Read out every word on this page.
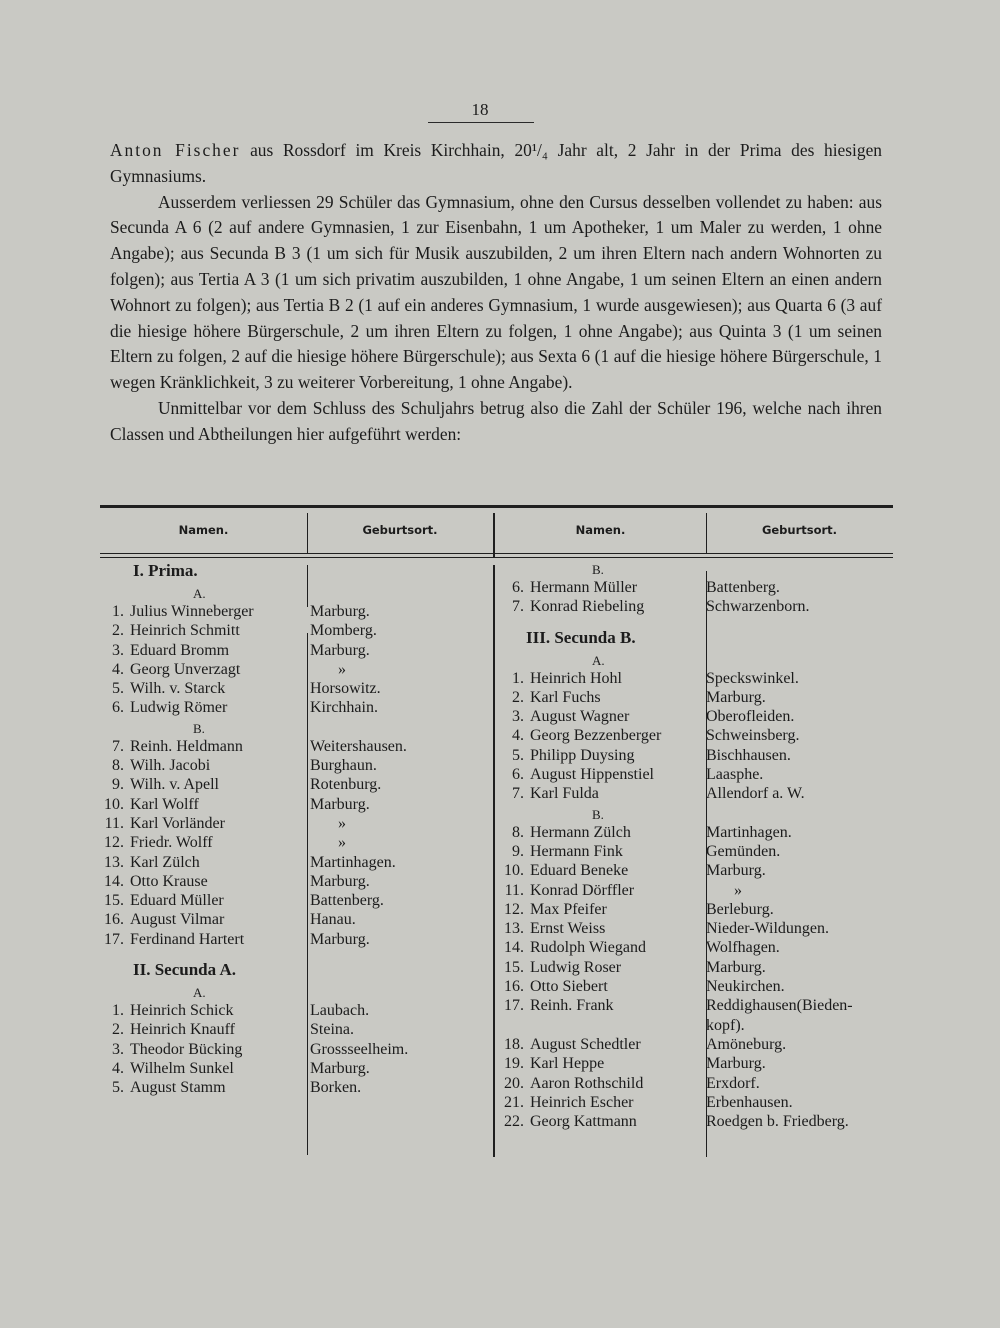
18

Anton Fischer aus Rossdorf im Kreis Kirchhain, 20¹/₄ Jahr alt, 2 Jahr in der Prima des hiesigen Gymnasiums.

Ausserdem verliessen 29 Schüler das Gymnasium, ohne den Cursus desselben vollendet zu haben: aus Secunda A 6 (2 auf andere Gymnasien, 1 zur Eisenbahn, 1 um Apotheker, 1 um Maler zu werden, 1 ohne Angabe); aus Secunda B 3 (1 um sich für Musik auszubilden, 2 um ihren Eltern nach andern Wohnorten zu folgen); aus Tertia A 3 (1 um sich privatim auszubilden, 1 ohne Angabe, 1 um seinen Eltern an einen andern Wohnort zu folgen); aus Tertia B 2 (1 auf ein anderes Gymnasium, 1 wurde ausgewiesen); aus Quarta 6 (3 auf die hiesige höhere Bürgerschule, 2 um ihren Eltern zu folgen, 1 ohne Angabe); aus Quinta 3 (1 um seinen Eltern zu folgen, 2 auf die hiesige höhere Bürgerschule); aus Sexta 6 (1 auf die hiesige höhere Bürgerschule, 1 wegen Kränklichkeit, 3 zu weiterer Vorbereitung, 1 ohne Angabe).

Unmittelbar vor dem Schluss des Schuljahrs betrug also die Zahl der Schüler 196, welche nach ihren Classen und Abtheilungen hier aufgeführt werden:

Namen.	Geburtsort.	Namen.	Geburtsort.
I. Prima.
A.
1. Julius Winneberger	Marburg.
2. Heinrich Schmitt	Momberg.
3. Eduard Bromm	Marburg.
4. Georg Unverzagt	»
5. Wilh. v. Starck	Horsowitz.
6. Ludwig Römer	Kirchhain.
B.
7. Reinh. Heldmann	Weitershausen.
8. Wilh. Jacobi	Burghaun.
9. Wilh. v. Apell	Rotenburg.
10. Karl Wolff	Marburg.
11. Karl Vorländer	»
12. Friedr. Wolff	»
13. Karl Zülch	Martinhagen.
14. Otto Krause	Marburg.
15. Eduard Müller	Battenberg.
16. August Vilmar	Hanau.
17. Ferdinand Hartert	Marburg.
II. Secunda A.
A.
1. Heinrich Schick	Laubach.
2. Heinrich Knauff	Steina.
3. Theodor Bücking	Grossseelheim.
4. Wilhelm Sunkel	Marburg.
5. August Stamm	Borken.
B.
6. Hermann Müller	Battenberg.
7. Konrad Riebeling	Schwarzenborn.
III. Secunda B.
A.
1. Heinrich Hohl	Speckswinkel.
2. Karl Fuchs	Marburg.
3. August Wagner	Oberofleiden.
4. Georg Bezzenberger	Schweinsberg.
5. Philipp Duysing	Bischhausen.
6. August Hippenstiel	Laasphe.
7. Karl Fulda	Allendorf a. W.
B.
8. Hermann Zülch	Martinhagen.
9. Hermann Fink	Gemünden.
10. Eduard Beneke	Marburg.
11. Konrad Dörffler	»
12. Max Pfeifer	Berleburg.
13. Ernst Weiss	Nieder-Wildungen.
14. Rudolph Wiegand	Wolfhagen.
15. Ludwig Roser	Marburg.
16. Otto Siebert	Neukirchen.
17. Reinh. Frank	Reddighausen(Bieden-
kopf).
18. August Schedtler	Amöneburg.
19. Karl Heppe	Marburg.
20. Aaron Rothschild	Erxdorf.
21. Heinrich Escher	Erbenhausen.
22. Georg Kattmann	Roedgen b. Friedberg.
